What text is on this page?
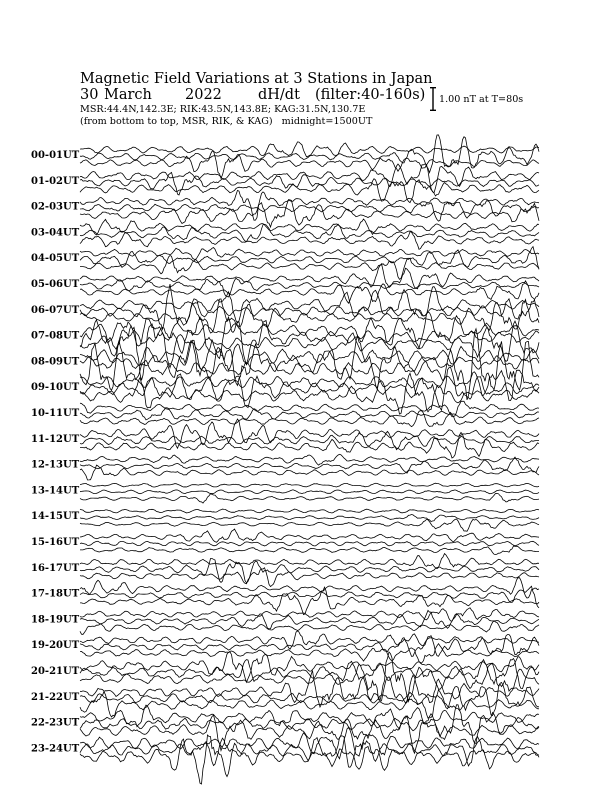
Magnetic Field Variations at 3 Stations in Japan
30 March 2022 dH/dt (filter:40-160s)
MSR:44.4N,142.3E; RIK:43.5N,143.8E; KAG:31.5N,130.7E
(from bottom to top, MSR, RIK, & KAG) midnight=1500UT
1.00 nT at T=80s
00-01UT
01-02UT
02-03UT
03-04UT
04-05UT
05-06UT
06-07UT
07-08UT
08-09UT
09-10UT
10-11UT
11-12UT
12-13UT
13-14UT
14-15UT
15-16UT
16-17UT
17-18UT
18-19UT
19-20UT
20-21UT
21-22UT
22-23UT
23-24UT
